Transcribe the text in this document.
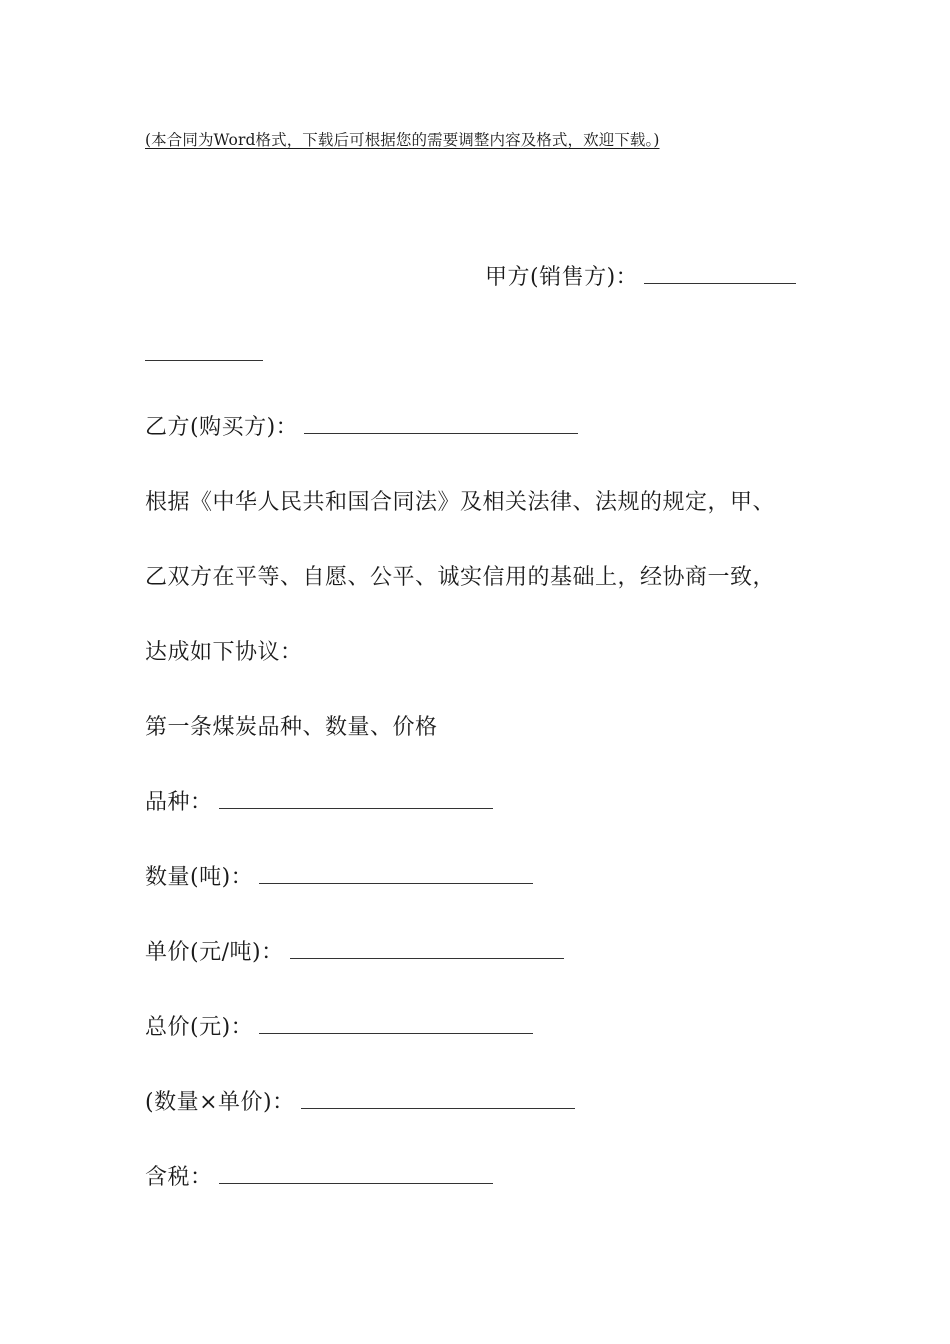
(本合同为Word格式，下载后可根据您的需要调整内容及格式，欢迎下载。)
甲方(销售方)：
乙方(购买方)：
根据《中华人民共和国合同法》及相关法律、法规的规定，甲、
乙双方在平等、自愿、公平、诚实信用的基础上，经协商一致，
达成如下协议：
第一条煤炭品种、数量、价格
品种：
数量(吨)：
单价(元/吨)：
总价(元)：
(数量×单价)：
含税：
